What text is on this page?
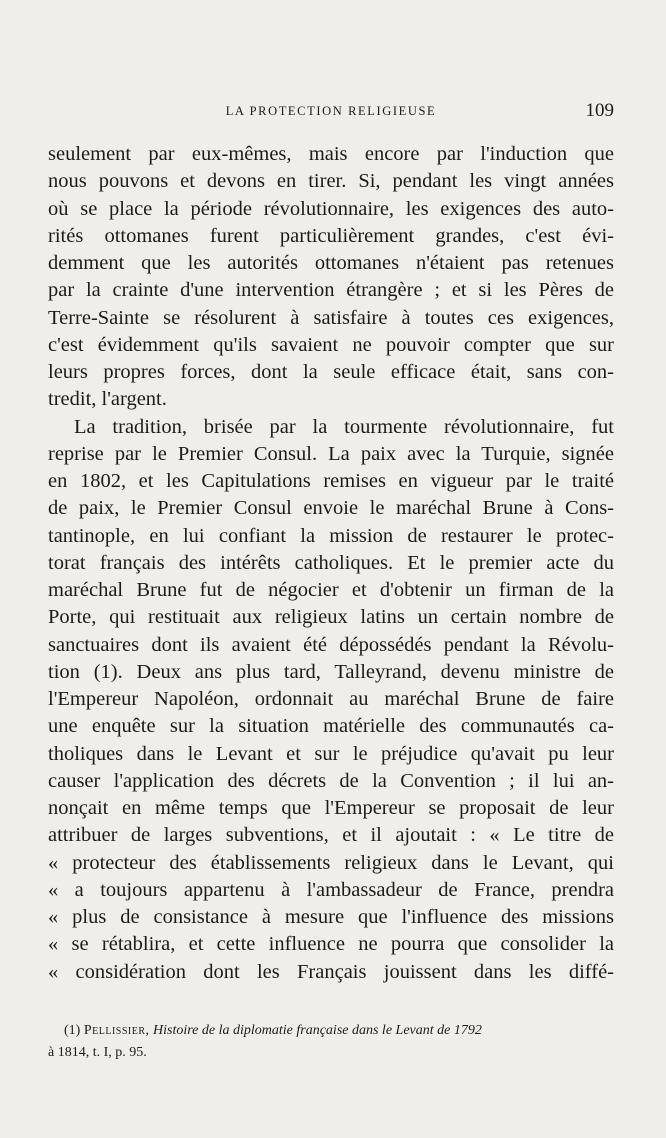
LA PROTECTION RELIGIEUSE	109
seulement par eux-mêmes, mais encore par l'induction que
nous pouvons et devons en tirer. Si, pendant les vingt années
où se place la période révolutionnaire, les exigences des auto-
rités ottomanes furent particulièrement grandes, c'est évi-
demment que les autorités ottomanes n'étaient pas retenues
par la crainte d'une intervention étrangère ; et si les Pères de
Terre-Sainte se résolurent à satisfaire à toutes ces exigences,
c'est évidemment qu'ils savaient ne pouvoir compter que sur
leurs propres forces, dont la seule efficace était, sans con-
tredit, l'argent.
La tradition, brisée par la tourmente révolutionnaire, fut
reprise par le Premier Consul. La paix avec la Turquie, signée
en 1802, et les Capitulations remises en vigueur par le traité
de paix, le Premier Consul envoie le maréchal Brune à Cons-
tantinople, en lui confiant la mission de restaurer le protec-
torat français des intérêts catholiques. Et le premier acte du
maréchal Brune fut de négocier et d'obtenir un firman de la
Porte, qui restituait aux religieux latins un certain nombre de
sanctuaires dont ils avaient été dépossédés pendant la Révolu-
tion (1). Deux ans plus tard, Talleyrand, devenu ministre de
l'Empereur Napoléon, ordonnait au maréchal Brune de faire
une enquête sur la situation matérielle des communautés ca-
tholiques dans le Levant et sur le préjudice qu'avait pu leur
causer l'application des décrets de la Convention ; il lui an-
nonçait en même temps que l'Empereur se proposait de leur
attribuer de larges subventions, et il ajoutait : « Le titre de
« protecteur des établissements religieux dans le Levant, qui
« a toujours appartenu à l'ambassadeur de France, prendra
« plus de consistance à mesure que l'influence des missions
« se rétablira, et cette influence ne pourra que consolider la
« considération dont les Français jouissent dans les diffé-
(1) Pellissier, Histoire de la diplomatie française dans le Levant de 1792
à 1814, t. I, p. 95.
